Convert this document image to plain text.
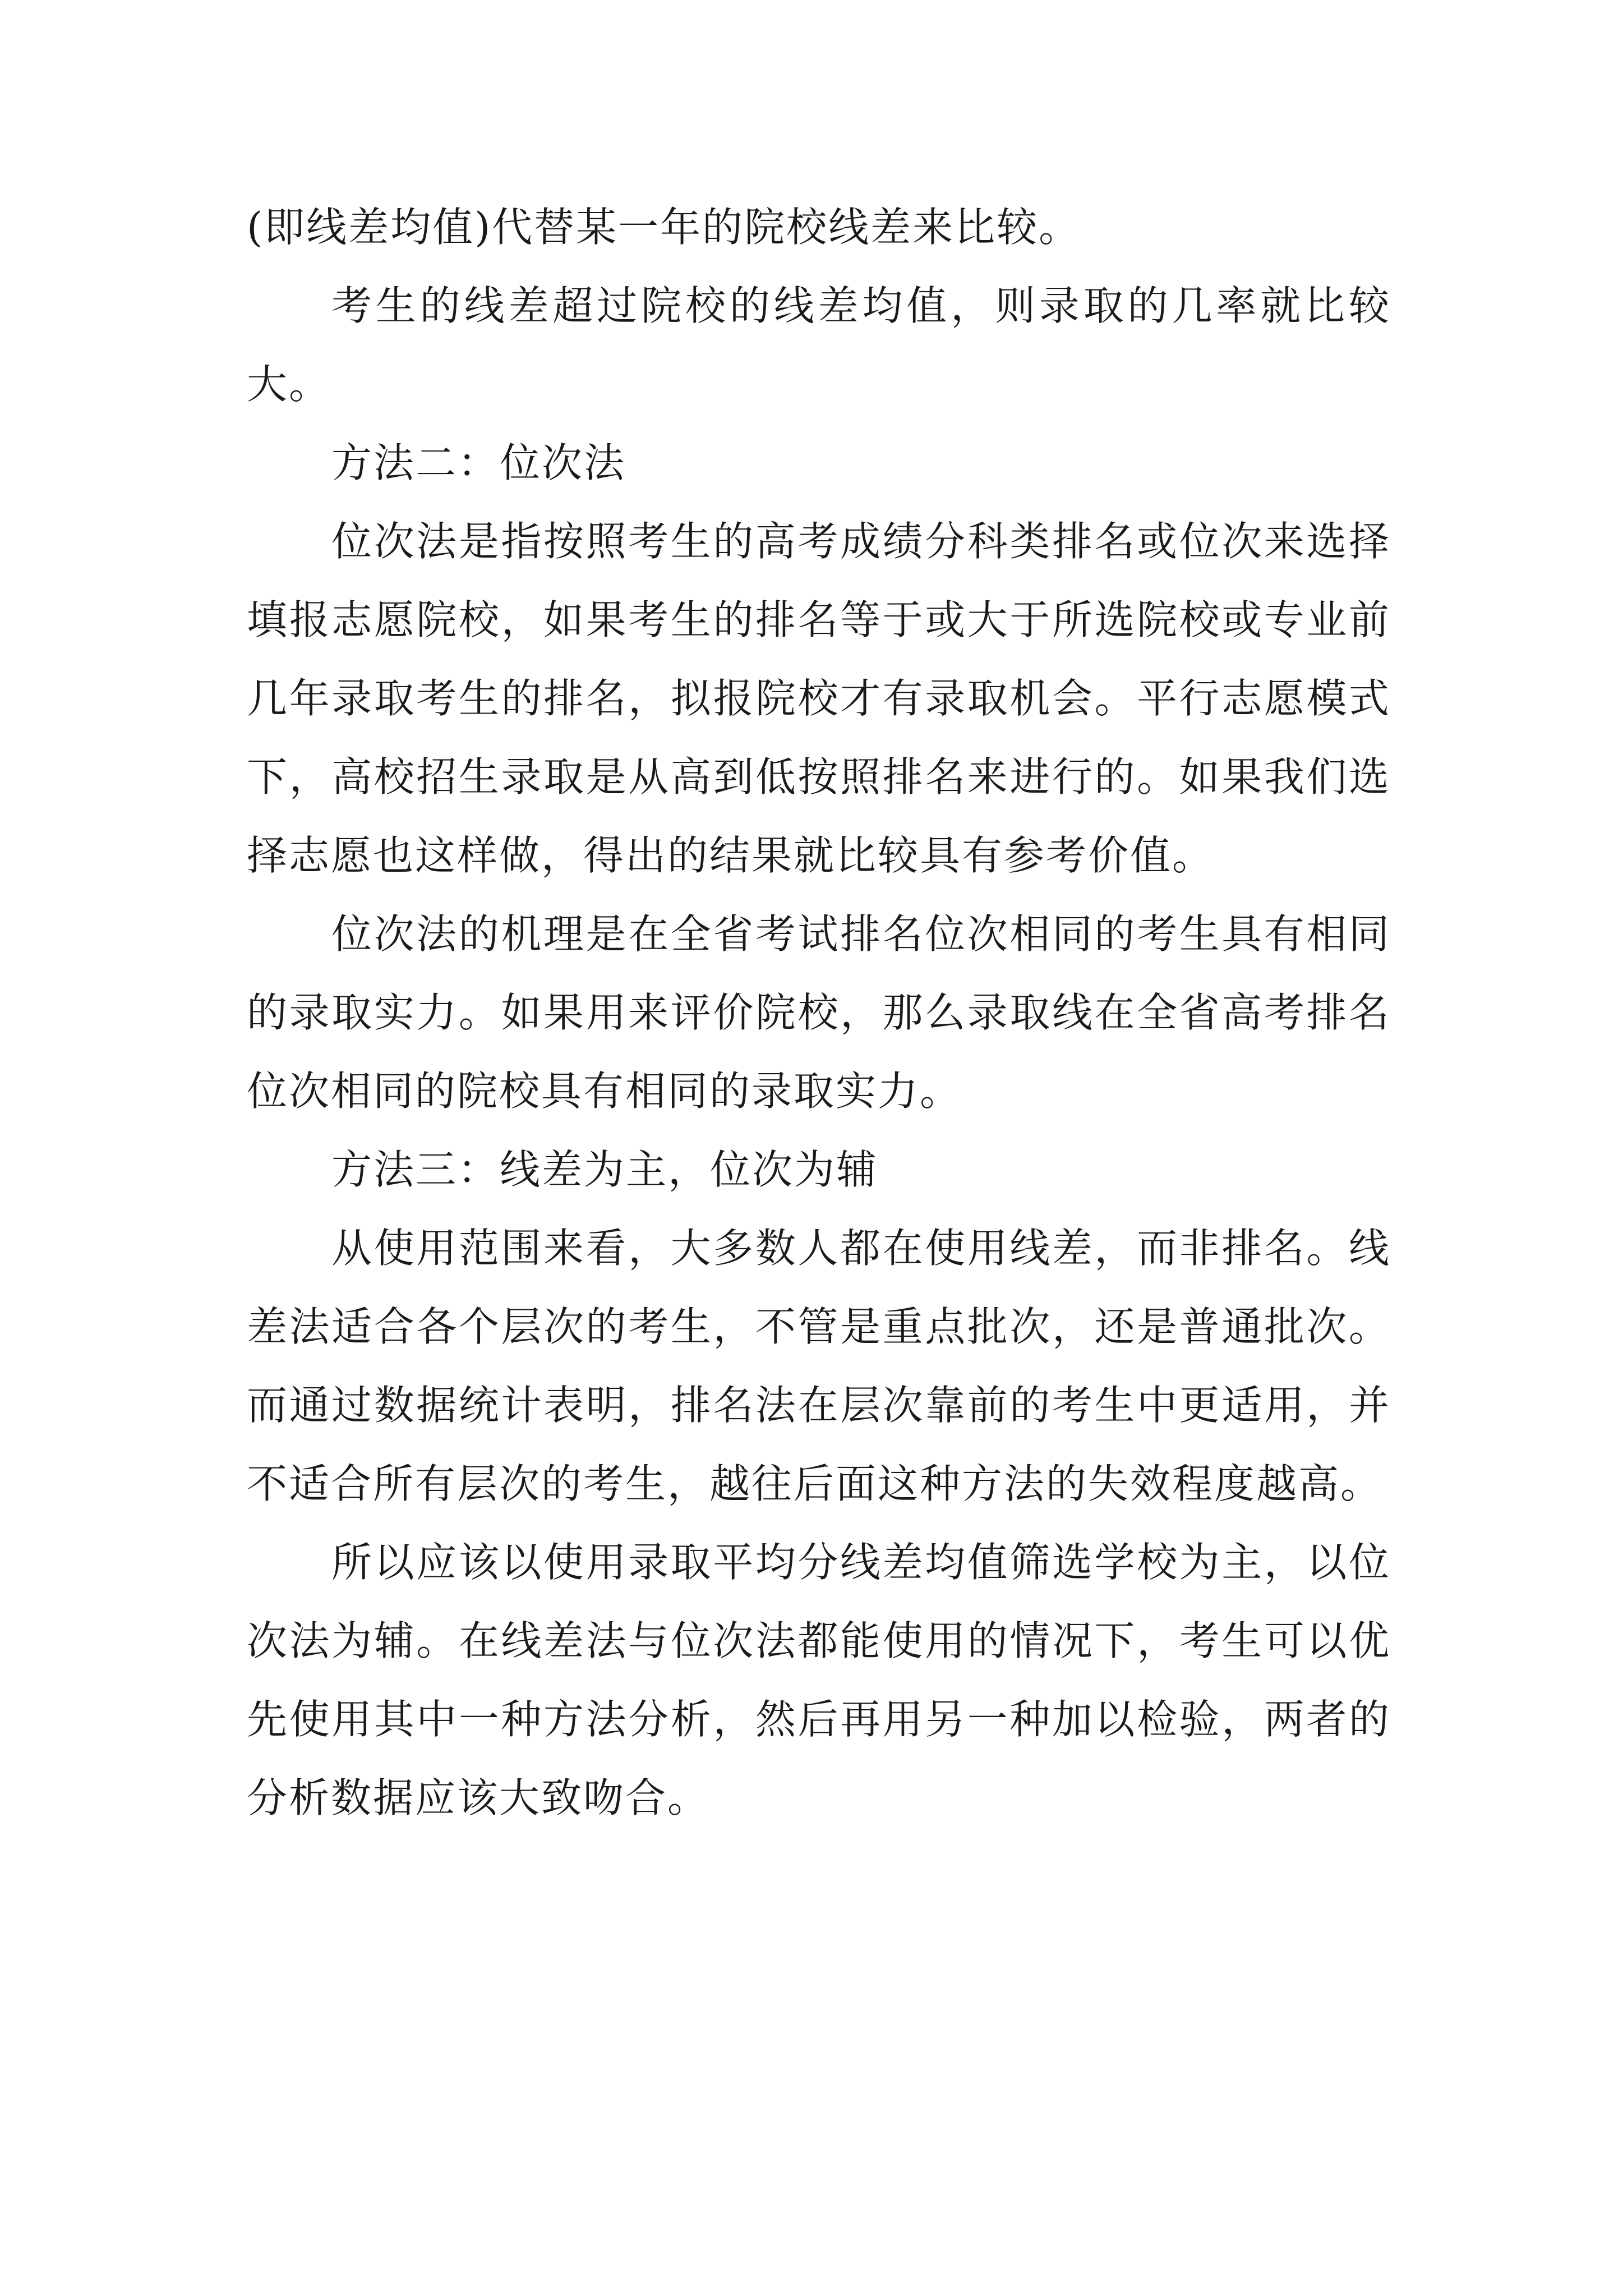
(即线差均值)代替某一年的院校线差来比较。

考生的线差超过院校的线差均值，则录取的几率就比较大。

方法二：位次法

位次法是指按照考生的高考成绩分科类排名或位次来选择填报志愿院校，如果考生的排名等于或大于所选院校或专业前几年录取考生的排名，拟报院校才有录取机会。平行志愿模式下，高校招生录取是从高到低按照排名来进行的。如果我们选择志愿也这样做，得出的结果就比较具有参考价值。

位次法的机理是在全省考试排名位次相同的考生具有相同的录取实力。如果用来评价院校，那么录取线在全省高考排名位次相同的院校具有相同的录取实力。

方法三：线差为主，位次为辅

从使用范围来看，大多数人都在使用线差，而非排名。线差法适合各个层次的考生，不管是重点批次，还是普通批次。而通过数据统计表明，排名法在层次靠前的考生中更适用，并不适合所有层次的考生，越往后面这种方法的失效程度越高。

所以应该以使用录取平均分线差均值筛选学校为主，以位次法为辅。在线差法与位次法都能使用的情况下，考生可以优先使用其中一种方法分析，然后再用另一种加以检验，两者的分析数据应该大致吻合。
